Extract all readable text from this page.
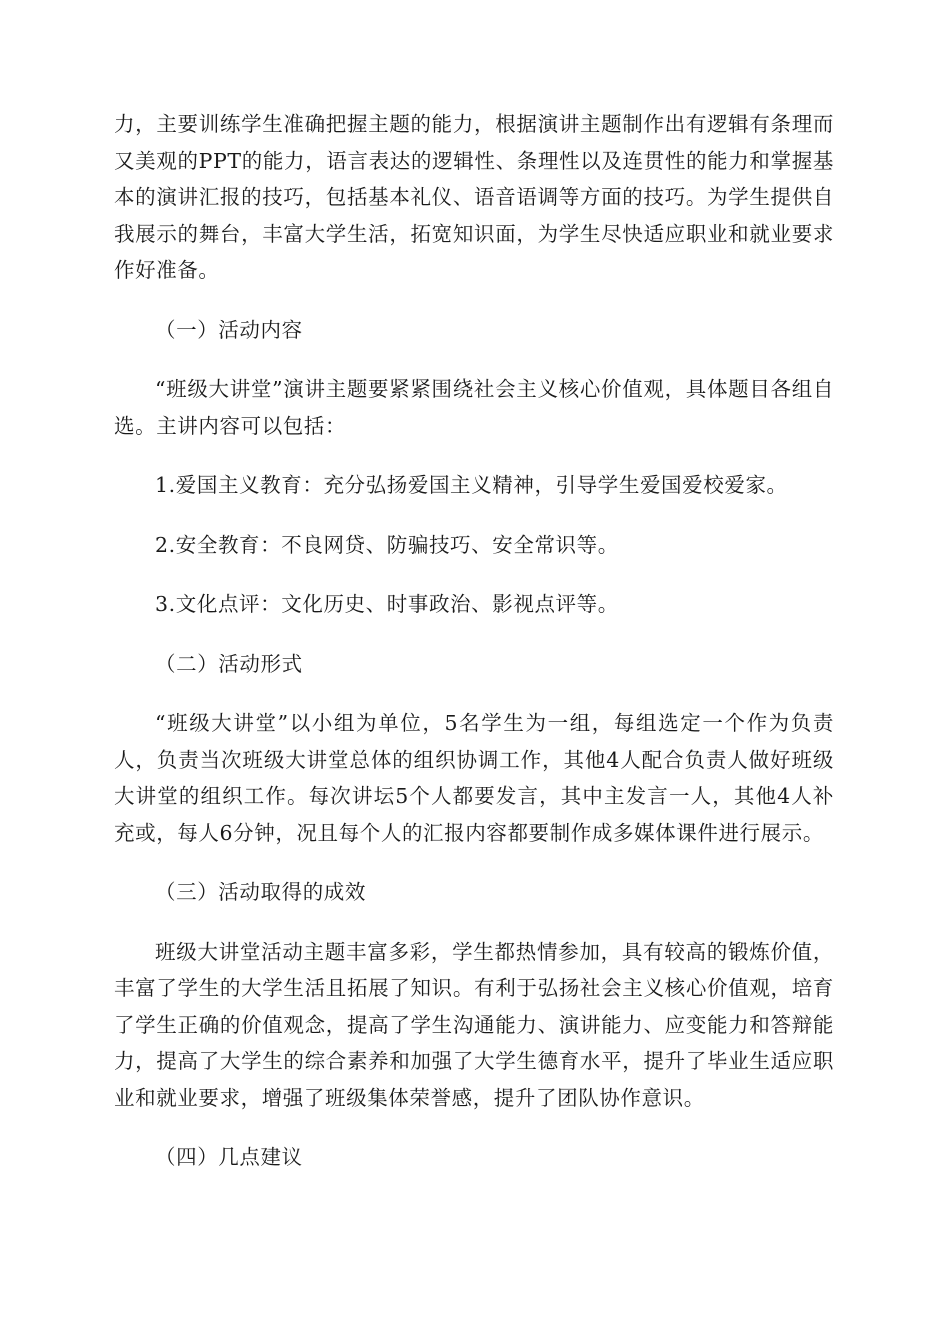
力，主要训练学生准确把握主题的能力，根据演讲主题制作出有逻辑有条理而又美观的PPT的能力，语言表达的逻辑性、条理性以及连贯性的能力和掌握基本的演讲汇报的技巧，包括基本礼仪、语音语调等方面的技巧。为学生提供自我展示的舞台，丰富大学生活，拓宽知识面，为学生尽快适应职业和就业要求作好准备。

（一）活动内容

“班级大讲堂”演讲主题要紧紧围绕社会主义核心价值观，具体题目各组自选。主讲内容可以包括：

1.爱国主义教育：充分弘扬爱国主义精神，引导学生爱国爱校爱家。

2.安全教育：不良网贷、防骗技巧、安全常识等。

3.文化点评：文化历史、时事政治、影视点评等。

（二）活动形式

“班级大讲堂”以小组为单位，5名学生为一组，每组选定一个作为负责人，负责当次班级大讲堂总体的组织协调工作，其他4人配合负责人做好班级大讲堂的组织工作。每次讲坛5个人都要发言，其中主发言一人，其他4人补充或，每人6分钟，况且每个人的汇报内容都要制作成多媒体课件进行展示。

（三）活动取得的成效

班级大讲堂活动主题丰富多彩，学生都热情参加，具有较高的锻炼价值，丰富了学生的大学生活且拓展了知识。有利于弘扬社会主义核心价值观，培育了学生正确的价值观念，提高了学生沟通能力、演讲能力、应变能力和答辩能力，提高了大学生的综合素养和加强了大学生德育水平，提升了毕业生适应职业和就业要求，增强了班级集体荣誉感，提升了团队协作意识。

（四）几点建议
